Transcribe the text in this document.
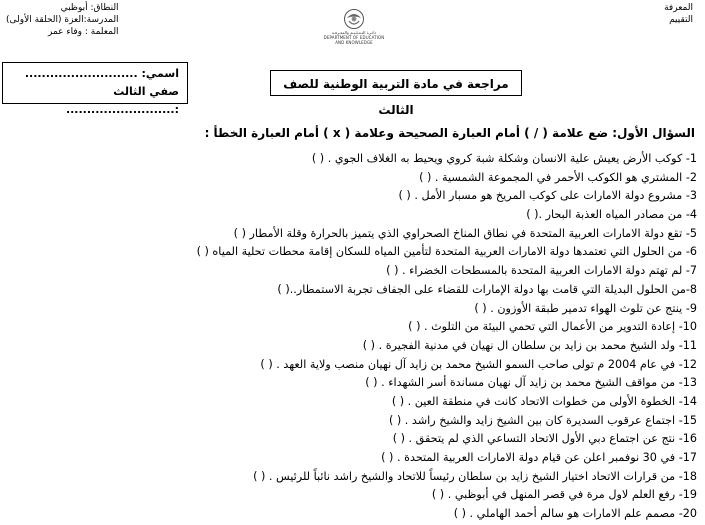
المعرفة
التقييم
دائـرة التـعـلـيـم والمعـرفـة
DEPARTMENT OF EDUCATION
AND KNOWLEDGE
النطاق: أبوظبي
المدرسة:العزة (الحلقة الأولى)
المعلمة : وفاء عمر
اسمي: ...........................
صفي الثالث :..........................
مراجعة في مادة التربية الوطنية للصف الثالث
السؤال الأول: ضع علامة ( / ) أمام العبارة الصحيحة وعلامة ( x ) أمام العبارة الخطأ :
1- كوكب الأرض يعيش علية الانسان وشكلة شبة كروي ويحيط به الغلاف الجوي . ( )
2- المشتري هو الكوكب الأحمر في المجموعة الشمسية . ( )
3- مشروع دولة الامارات على كوكب المريخ هو مسبار الأمل . ( )
4- من مصادر المياه العذبة البحار .( )
5- تقع دولة الامارات العربية المتحدة في نطاق المناخ الصحراوي الذي يتميز بالحرارة وقلة الأمطار ( )
6- من الحلول التي تعتمدها دولة الامارات العربية المتحدة لتأمين المياه للسكان إقامة محطات تحلية المياه ( )
7- لم تهتم دولة الامارات العربية المتحدة بالمسطحات الخضراء . ( )
8-من الحلول البديلة التي قامت بها دولة الإمارات للقضاء على الجفاف تجربة الاستمطار..( )
9- ينتج عن تلوث الهواء تدمير طبقة الأوزون . ( )
10- إعادة التدوير من الأعمال التي تحمي البيئة من التلوث . ( )
11- ولد الشيخ محمد بن زايد بن سلطان ال نهيان في مدنية الفجيرة . ( )
12- في عام 2004 م تولى صاحب السمو الشيخ محمد بن زايد آل نهيان منصب ولاية العهد . ( )
13- من مواقف الشيخ محمد بن زايد آل نهيان مساندة أسر الشهداء . ( )
14- الخطوة الأولى من خطوات الاتحاد كانت في منطقة العين . ( )
15- اجتماع عرقوب السديرة كان بين الشيخ زايد والشيخ راشد . ( )
16- نتج عن اجتماع دبي الأول الاتحاد التساعي الذي لم يتحقق . ( )
17- في 30 نوفمبر اعلن عن قيام دولة الامارات العربية المتحدة . ( )
18- من قرارات الاتحاد اختيار الشيخ زايد بن سلطان رئيساً للاتحاد والشيخ راشد نائباً للرئيس . ( )
19- رفع العلم لاول مرة في قصر المنهل في أبوظبي . ( )
20- مصمم علم الامارات هو سالم أحمد الهاملي . ( )
